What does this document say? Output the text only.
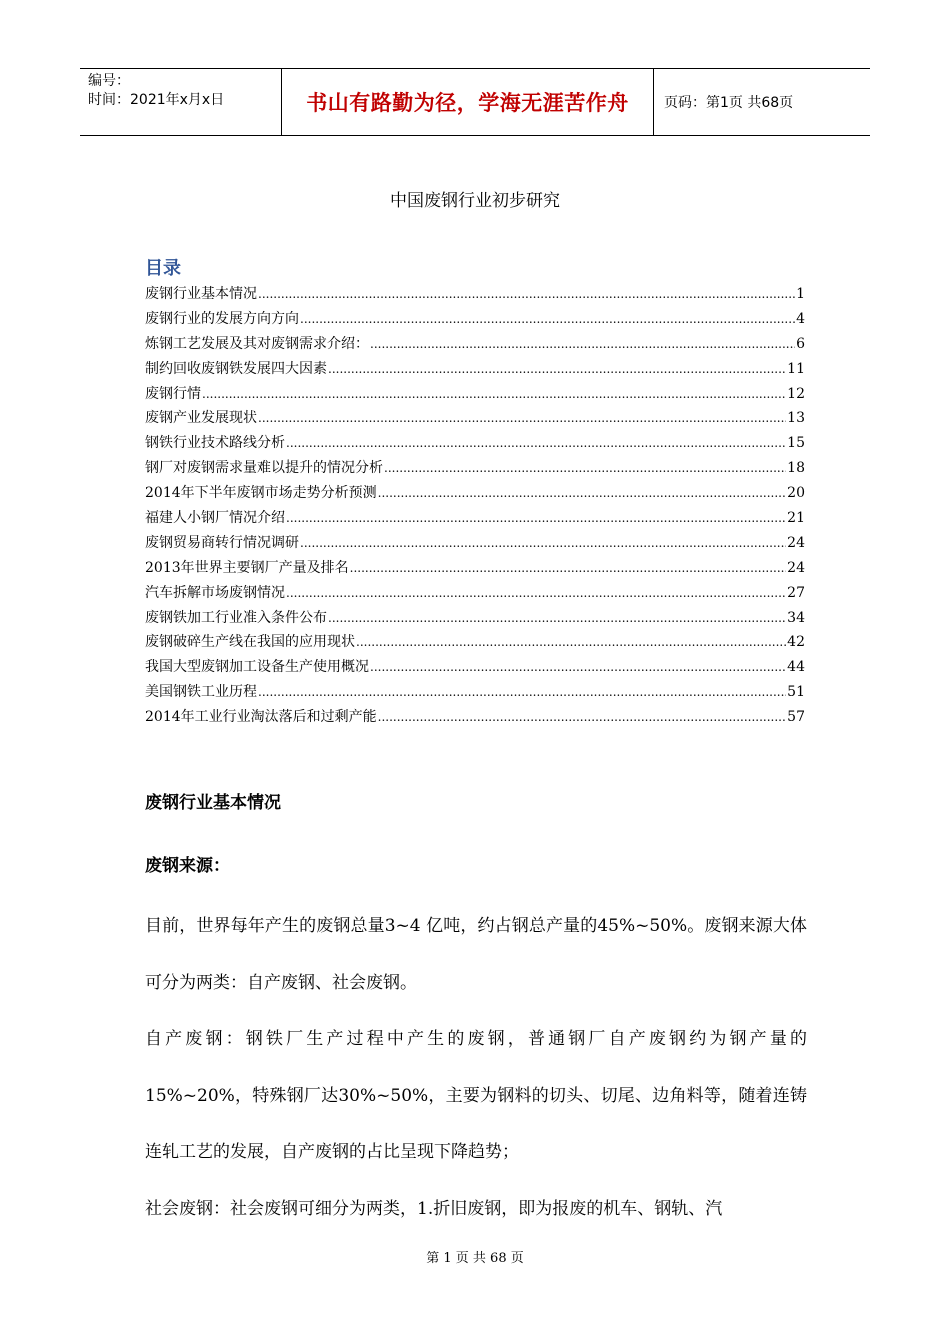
编号：
时间：2021年x月x日	书山有路勤为径，学海无涯苦作舟	页码：第1页 共68页
中国废钢行业初步研究
目录
废钢行业基本情况 .....	1
废钢行业的发展方向方向 .....	4
炼钢工艺发展及其对废钢需求介绍： .....	6
制约回收废钢铁发展四大因素 .....	11
废钢行情 .....	12
废钢产业发展现状 .....	13
钢铁行业技术路线分析 .....	15
钢厂对废钢需求量难以提升的情况分析 .....	18
2014年下半年废钢市场走势分析预测 .....	20
福建人小钢厂情况介绍 .....	21
废钢贸易商转行情况调研 .....	24
2013年世界主要钢厂产量及排名 .....	24
汽车拆解市场废钢情况 .....	27
废钢铁加工行业准入条件公布 .....	34
废钢破碎生产线在我国的应用现状 .....	42
我国大型废钢加工设备生产使用概况 .....	44
美国钢铁工业历程 .....	51
2014年工业行业淘汰落后和过剩产能 .....	57
废钢行业基本情况
废钢来源：

目前，世界每年产生的废钢总量3~4 亿吨，约占钢总产量的45%~50%。废钢来源大体可分为两类：自产废钢、社会废钢。

自产废钢：钢铁厂生产过程中产生的废钢，普通钢厂自产废钢约为钢产量的15%~20%，特殊钢厂达30%~50%，主要为钢料的切头、切尾、边角料等，随着连铸连轧工艺的发展，自产废钢的占比呈现下降趋势；

社会废钢：社会废钢可细分为两类，1.折旧废钢，即为报废的机车、钢轨、汽

第 1 页 共 68 页
